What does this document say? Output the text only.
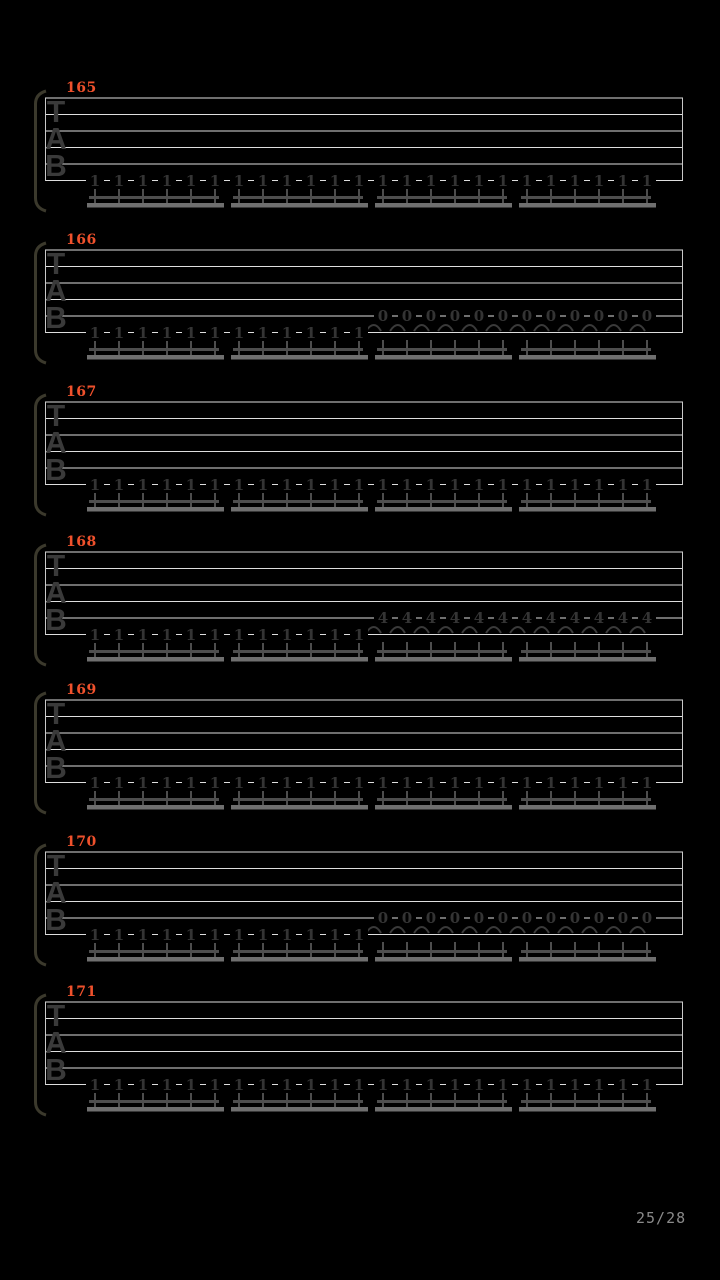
165
T
A
B 1 1 1 1 1 1 1 1 1 1 1 1 1 1 1 1 1 1 1 1 1 1 1 1
166
T
A
B 1 1 1 1 1 1 1 1 1 1 1 1
0 0 0 0 0 0 0 0 0 0 0 0
167
T
A
B 1 1 1 1 1 1 1 1 1 1 1 1 1 1 1 1 1 1 1 1 1 1 1 1
168
T
A
B 1 1 1 1 1 1 1 1 1 1 1 1
4 4 4 4 4 4 4 4 4 4 4 4
169
T
A
B 1 1 1 1 1 1 1 1 1 1 1 1 1 1 1 1 1 1 1 1 1 1 1 1
170
T
A
B 1 1 1 1 1 1 1 1 1 1 1 1
0 0 0 0 0 0 0 0 0 0 0 0
171
T
A
B 1 1 1 1 1 1 1 1 1 1 1 1 1 1 1 1 1 1 1 1 1 1 1 1
25/28
